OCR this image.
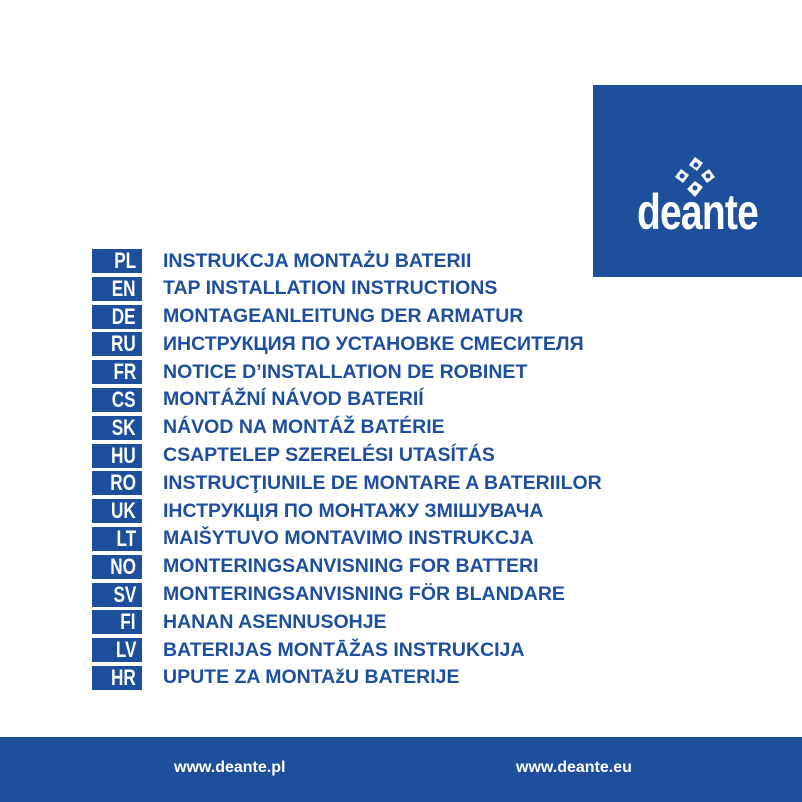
deante
PL INSTRUKCJA MONTAŻU BATERII
EN TAP INSTALLATION INSTRUCTIONS
DE MONTAGEANLEITUNG DER ARMATUR
RU ИНСТРУКЦИЯ ПО УСТАНОВКЕ СМЕСИТЕЛЯ
FR NOTICE D’INSTALLATION DE ROBINET
CS MONTÁŽNÍ NÁVOD BATERIÍ
SK NÁVOD NA MONTÁŽ BATÉRIE
HU CSAPTELEP SZERELÉSI UTASÍTÁS
RO INSTRUCŢIUNILE DE MONTARE A BATERIILOR
UK ІНСТРУКЦІЯ ПО МОНТАЖУ ЗМІШУВАЧА
LT MAIŠYTUVO MONTAVIMO INSTRUKCJA
NO MONTERINGSANVISNING FOR BATTERI
SV MONTERINGSANVISNING FÖR BLANDARE
FI HANAN ASENNUSOHJE
LV BATERIJAS MONTĀŽAS INSTRUKCIJA
HR UPUTE ZA MONTAžU BATERIJE
www.deante.pl	www.deante.eu
